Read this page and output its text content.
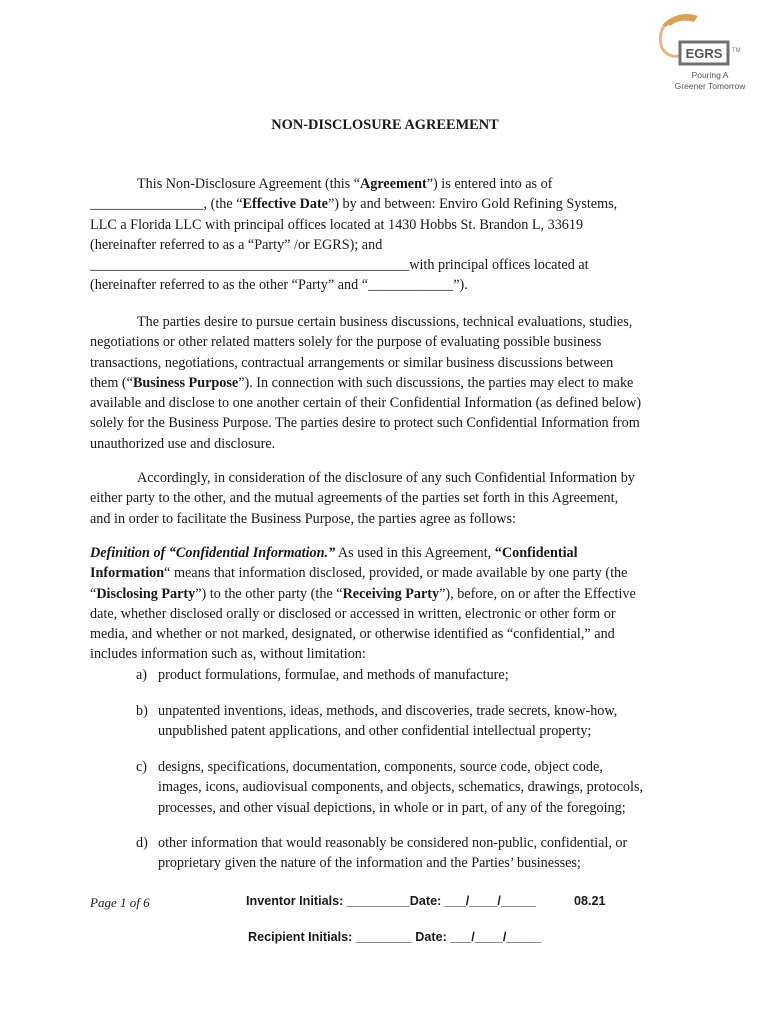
EGRS TM
Pouring A
Greener Tomorrow
NON-DISCLOSURE AGREEMENT
This Non-Disclosure Agreement (this “Agreement”) is entered into as of
________________, (the “Effective Date”) by and between: Enviro Gold Refining Systems,
LLC a Florida LLC with principal offices located at 1430 Hobbs St. Brandon L, 33619
(hereinafter referred to as a “Party” /or EGRS); and
_____________________________________________with principal offices located at
(hereinafter referred to as the other “Party” and “____________”).
The parties desire to pursue certain business discussions, technical evaluations, studies,
negotiations or other related matters solely for the purpose of evaluating possible business
transactions, negotiations, contractual arrangements or similar business discussions between
them (“Business Purpose”). In connection with such discussions, the parties may elect to make
available and disclose to one another certain of their Confidential Information (as defined below)
solely for the Business Purpose. The parties desire to protect such Confidential Information from
unauthorized use and disclosure.
Accordingly, in consideration of the disclosure of any such Confidential Information by
either party to the other, and the mutual agreements of the parties set forth in this Agreement,
and in order to facilitate the Business Purpose, the parties agree as follows:
Definition of “Confidential Information.” As used in this Agreement, “Confidential
Information“ means that information disclosed, provided, or made available by one party (the
“Disclosing Party”) to the other party (the “Receiving Party”), before, on or after the Effective
date, whether disclosed orally or disclosed or accessed in written, electronic or other form or
media, and whether or not marked, designated, or otherwise identified as “confidential,” and
includes information such as, without limitation:
a) product formulations, formulae, and methods of manufacture;
b) unpatented inventions, ideas, methods, and discoveries, trade secrets, know-how,
unpublished patent applications, and other confidential intellectual property;
c) designs, specifications, documentation, components, source code, object code,
images, icons, audiovisual components, and objects, schematics, drawings, protocols,
processes, and other visual depictions, in whole or in part, of any of the foregoing;
d) other information that would reasonably be considered non-public, confidential, or
proprietary given the nature of the information and the Parties’ businesses;
Page 1 of 6	Inventor Initials: _________Date: ___/____/_____	08.21
Recipient Initials: ________ Date: ___/____/_____
